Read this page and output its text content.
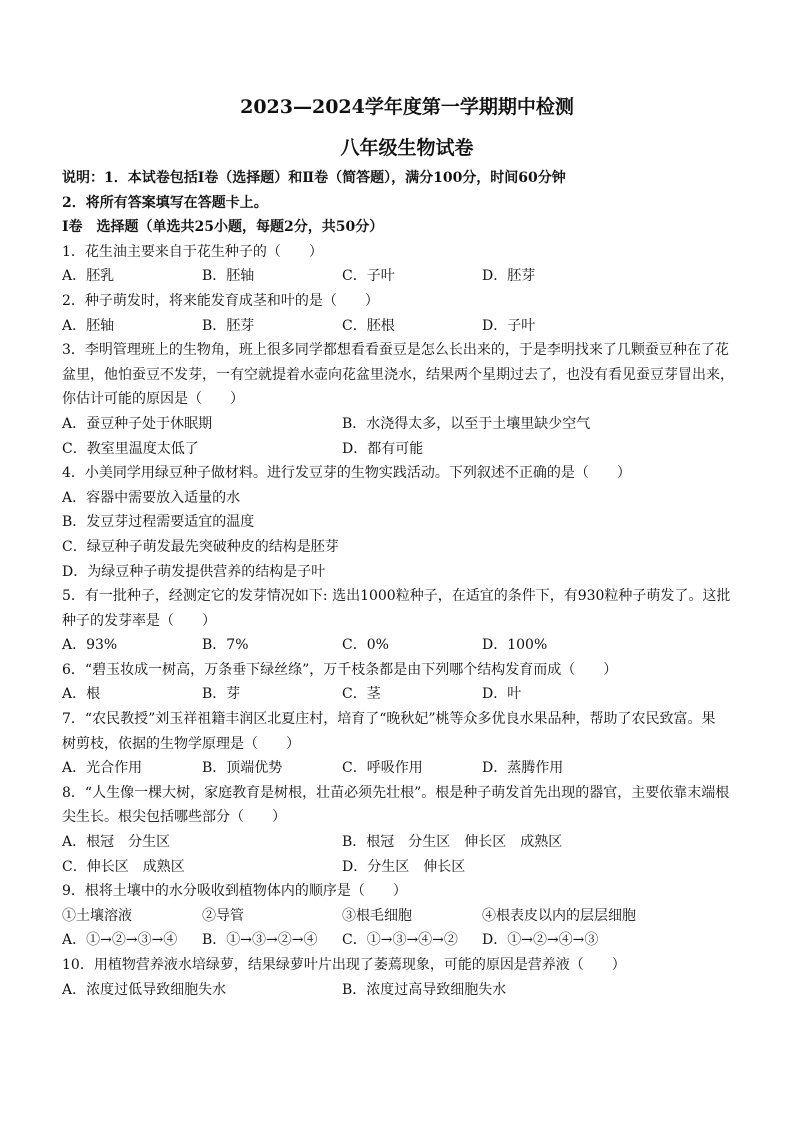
2023—2024学年度第一学期期中检测
八年级生物试卷
说明：1．本试卷包括Ⅰ卷（选择题）和Ⅱ卷（简答题），满分100分，时间60分钟
2．将所有答案填写在答题卡上。
Ⅰ卷　选择题（单选共25小题，每题2分，共50分）
1．花生油主要来自于花生种子的（　　）
A．胚乳	B．胚轴	C．子叶	D．胚芽
2．种子萌发时，将来能发育成茎和叶的是（　　）
A．胚轴	B．胚芽	C．胚根	D．子叶
3．李明管理班上的生物角，班上很多同学都想看看蚕豆是怎么长出来的，于是李明找来了几颗蚕豆种在了花
盆里，他怕蚕豆不发芽，一有空就提着水壶向花盆里浇水，结果两个星期过去了，也没有看见蚕豆芽冒出来，
你估计可能的原因是（　　）
A．蚕豆种子处于休眠期	B．水浇得太多，以至于土壤里缺少空气
C．教室里温度太低了	D．都有可能
4．小美同学用绿豆种子做材料。进行发豆芽的生物实践活动。下列叙述不正确的是（　　）
A．容器中需要放入适量的水
B．发豆芽过程需要适宜的温度
C．绿豆种子萌发最先突破种皮的结构是胚芽
D．为绿豆种子萌发提供营养的结构是子叶
5．有一批种子，经测定它的发芽情况如下: 选出1000粒种子，在适宜的条件下，有930粒种子萌发了。这批
种子的发芽率是（　　）
A．93%	B．7%	C．0%	D．100%
6．“碧玉妆成一树高，万条垂下绿丝绦”，万千枝条都是由下列哪个结构发育而成（　　）
A．根	B．芽	C．茎	D．叶
7．“农民教授”刘玉祥祖籍丰润区北夏庄村，培育了“晚秋妃”桃等众多优良水果品种，帮助了农民致富。果
树剪枝，依据的生物学原理是（　　）
A．光合作用	B．顶端优势	C．呼吸作用	D．蒸腾作用
8．“人生像一棵大树，家庭教育是树根，壮苗必须先壮根”。根是种子萌发首先出现的器官，主要依靠末端根
尖生长。根尖包括哪些部分（　　）
A．根冠　分生区	B．根冠　分生区　伸长区　成熟区
C．伸长区　成熟区	D．分生区　伸长区
9．根将土壤中的水分吸收到植物体内的顺序是（　　）
①土壤溶液	②导管	③根毛细胞	④根表皮以内的层层细胞
A．①→②→③→④	B．①→③→②→④	C．①→③→④→②	D．①→②→④→③
10．用植物营养液水培绿萝，结果绿萝叶片出现了萎蔫现象，可能的原因是营养液（　　）
A．浓度过低导致细胞失水	B．浓度过高导致细胞失水
